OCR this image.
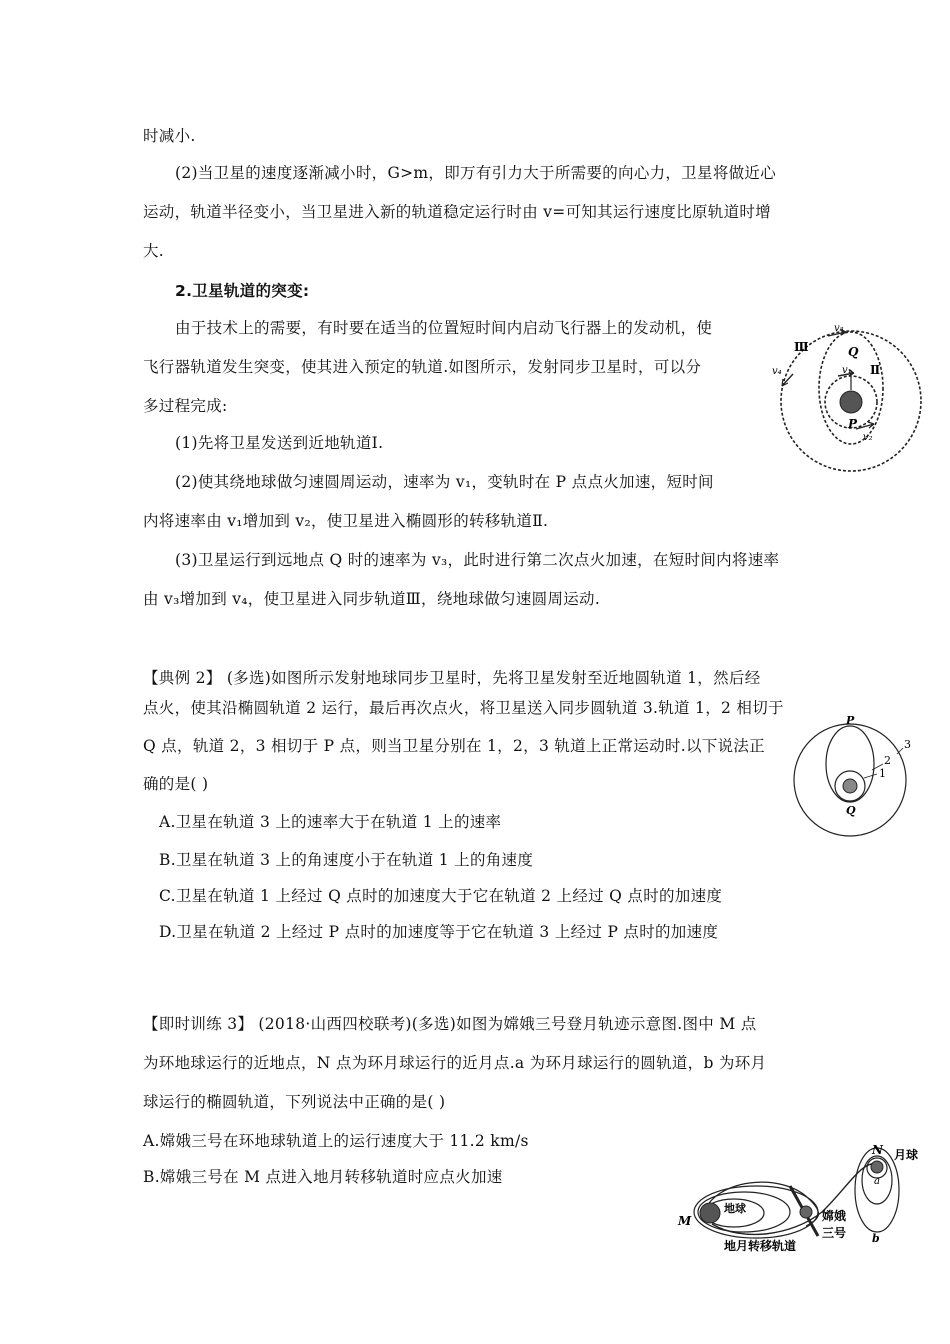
时减小.
(2)当卫星的速度逐渐减小时，G>m，即万有引力大于所需要的向心力，卫星将做近心
运动，轨道半径变小，当卫星进入新的轨道稳定运行时由 v=可知其运行速度比原轨道时增
大.
2.卫星轨道的突变:
由于技术上的需要，有时要在适当的位置短时间内启动飞行器上的发动机，使
飞行器轨道发生突变，使其进入预定的轨道.如图所示，发射同步卫星时，可以分
多过程完成:
(1)先将卫星发送到近地轨道Ⅰ.
(2)使其绕地球做匀速圆周运动，速率为 v₁，变轨时在 P 点点火加速，短时间
内将速率由 v₁增加到 v₂，使卫星进入椭圆形的转移轨道Ⅱ.
(3)卫星运行到远地点 Q 时的速率为 v₃，此时进行第二次点火加速，在短时间内将速率
由 v₃增加到 v₄，使卫星进入同步轨道Ⅲ，绕地球做匀速圆周运动.
Ⅲ
Ⅱ
Q
P
v₁
v₂
v₃
v₄
【典例 2】 (多选)如图所示发射地球同步卫星时，先将卫星发射至近地圆轨道 1，然后经
点火，使其沿椭圆轨道 2 运行，最后再次点火，将卫星送入同步圆轨道 3.轨道 1，2 相切于
Q 点，轨道 2，3 相切于 P 点，则当卫星分别在 1，2，3 轨道上正常运动时.以下说法正
确的是( )
A.卫星在轨道 3 上的速率大于在轨道 1 上的速率
B.卫星在轨道 3 上的角速度小于在轨道 1 上的角速度
C.卫星在轨道 1 上经过 Q 点时的加速度大于它在轨道 2 上经过 Q 点时的加速度
D.卫星在轨道 2 上经过 P 点时的加速度等于它在轨道 3 上经过 P 点时的加速度
P
Q
1
2
3
【即时训练 3】 (2018·山西四校联考)(多选)如图为嫦娥三号登月轨迹示意图.图中 M 点
为环地球运行的近地点，N 点为环月球运行的近月点.a 为环月球运行的圆轨道，b 为环月
球运行的椭圆轨道，下列说法中正确的是( )
A.嫦娥三号在环地球轨道上的运行速度大于 11.2 km/s
B.嫦娥三号在 M 点进入地月转移轨道时应点火加速
M
地球
N 月球
a
b
嫦娥
三号
地月转移轨道
